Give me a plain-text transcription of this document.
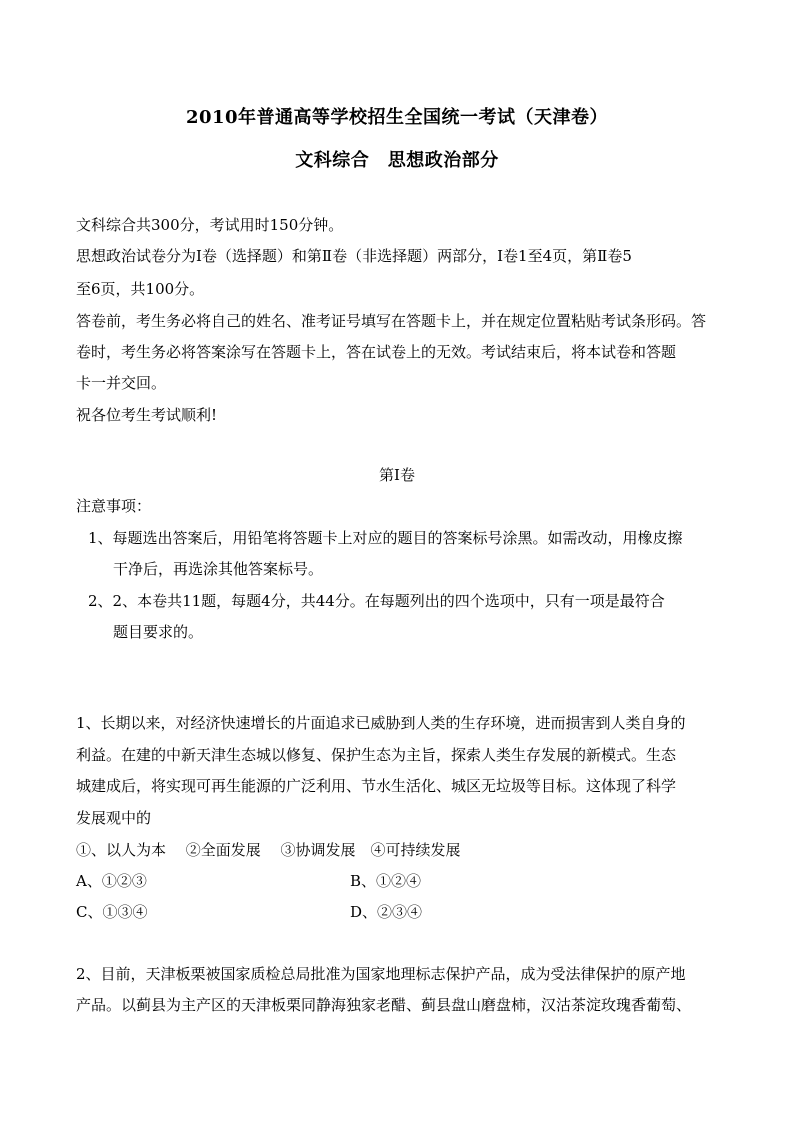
2010年普通高等学校招生全国统一考试（天津卷）
文科综合　思想政治部分
文科综合共300分，考试用时150分钟。
思想政治试卷分为I卷（选择题）和第Ⅱ卷（非选择题）两部分，I卷1至4页，第Ⅱ卷5
至6页，共100分。
答卷前，考生务必将自己的姓名、准考证号填写在答题卡上，并在规定位置粘贴考试条形码。答
卷时，考生务必将答案涂写在答题卡上，答在试卷上的无效。考试结束后，将本试卷和答题
卡一并交回。
祝各位考生考试顺利!
第I卷
注意事项：
1、每题选出答案后，用铅笔将答题卡上对应的题目的答案标号涂黑。如需改动，用橡皮擦
干净后，再选涂其他答案标号。
2、2、本卷共11题，每题4分，共44分。在每题列出的四个选项中，只有一项是最符合
题目要求的。
1、长期以来，对经济快速增长的片面追求已威胁到人类的生存环境，进而损害到人类自身的
利益。在建的中新天津生态城以修复、保护生态为主旨，探索人类生存发展的新模式。生态
城建成后，将实现可再生能源的广泛利用、节水生活化、城区无垃圾等目标。这体现了科学
发展观中的
①、以人为本　 ②全面发展　 ③协调发展　④可持续发展
A、①②③	B、①②④
C、①③④	D、②③④
2、目前，天津板栗被国家质检总局批准为国家地理标志保护产品，成为受法律保护的原产地
产品。以蓟县为主产区的天津板栗同静海独家老醋、蓟县盘山磨盘柿，汉沽茶淀玫瑰香葡萄、
